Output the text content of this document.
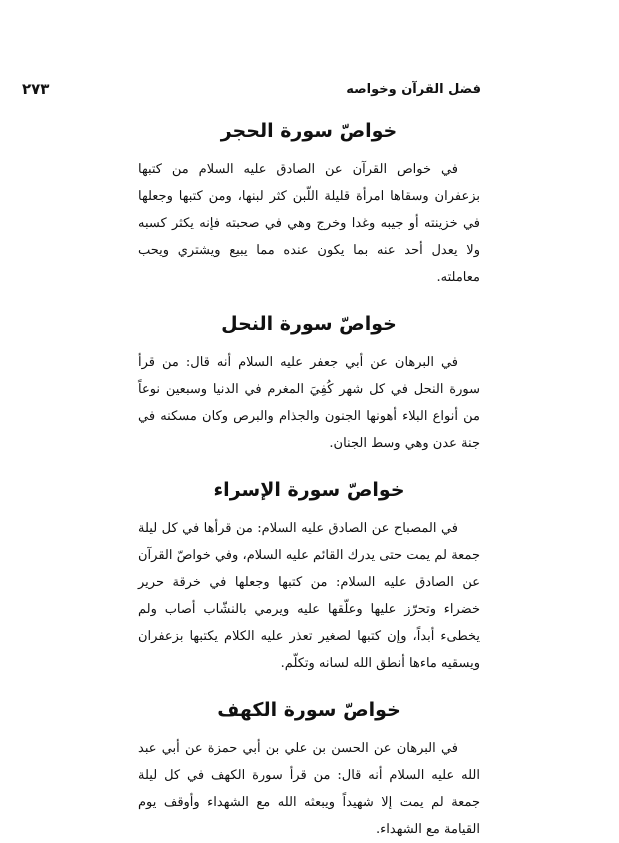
فضل القرآن وخواصه
٢٧٣
خواصّ سورة الحجر

في خواص القرآن عن الصادق عليه السلام من كتبها بزعفران وسقاها امرأة قليلة اللّبن كثر لبنها، ومن كتبها وجعلها في خزينته أو جيبه وغدا وخرج وهي في صحبته فإنه يكثر كسبه ولا يعدل أحد عنه بما يكون عنده مما يبيع ويشتري ويحب معاملته.

خواصّ سورة النحل

في البرهان عن أبي جعفر عليه السلام أنه قال: من قرأ سورة النحل في كل شهر كُفِيَ المغرم في الدنيا وسبعين نوعاً من أنواع البلاء أهونها الجنون والجذام والبرص وكان مسكنه في جنة عدن وهي وسط الجنان.

خواصّ سورة الإسراء

في المصباح عن الصادق عليه السلام: من قرأها في كل ليلة جمعة لم يمت حتى يدرك القائم عليه السلام، وفي خواصّ القرآن عن الصادق عليه السلام: من كتبها وجعلها في خرقة حرير خضراء وتحرّز عليها وعلّقها عليه ويرمي بالنشّاب أصاب ولم يخطىء أبداً، وإن كتبها لصغير تعذر عليه الكلام يكتبها بزعفران ويسقيه ماءها أنطق الله لسانه وتكلّم.

خواصّ سورة الكهف

في البرهان عن الحسن بن علي بن أبي حمزة عن أبي عبد الله عليه السلام أنه قال: من قرأ سورة الكهف في كل ليلة جمعة لم يمت إلا شهيداً ويبعثه الله مع الشهداء وأوقف يوم القيامة مع الشهداء.
